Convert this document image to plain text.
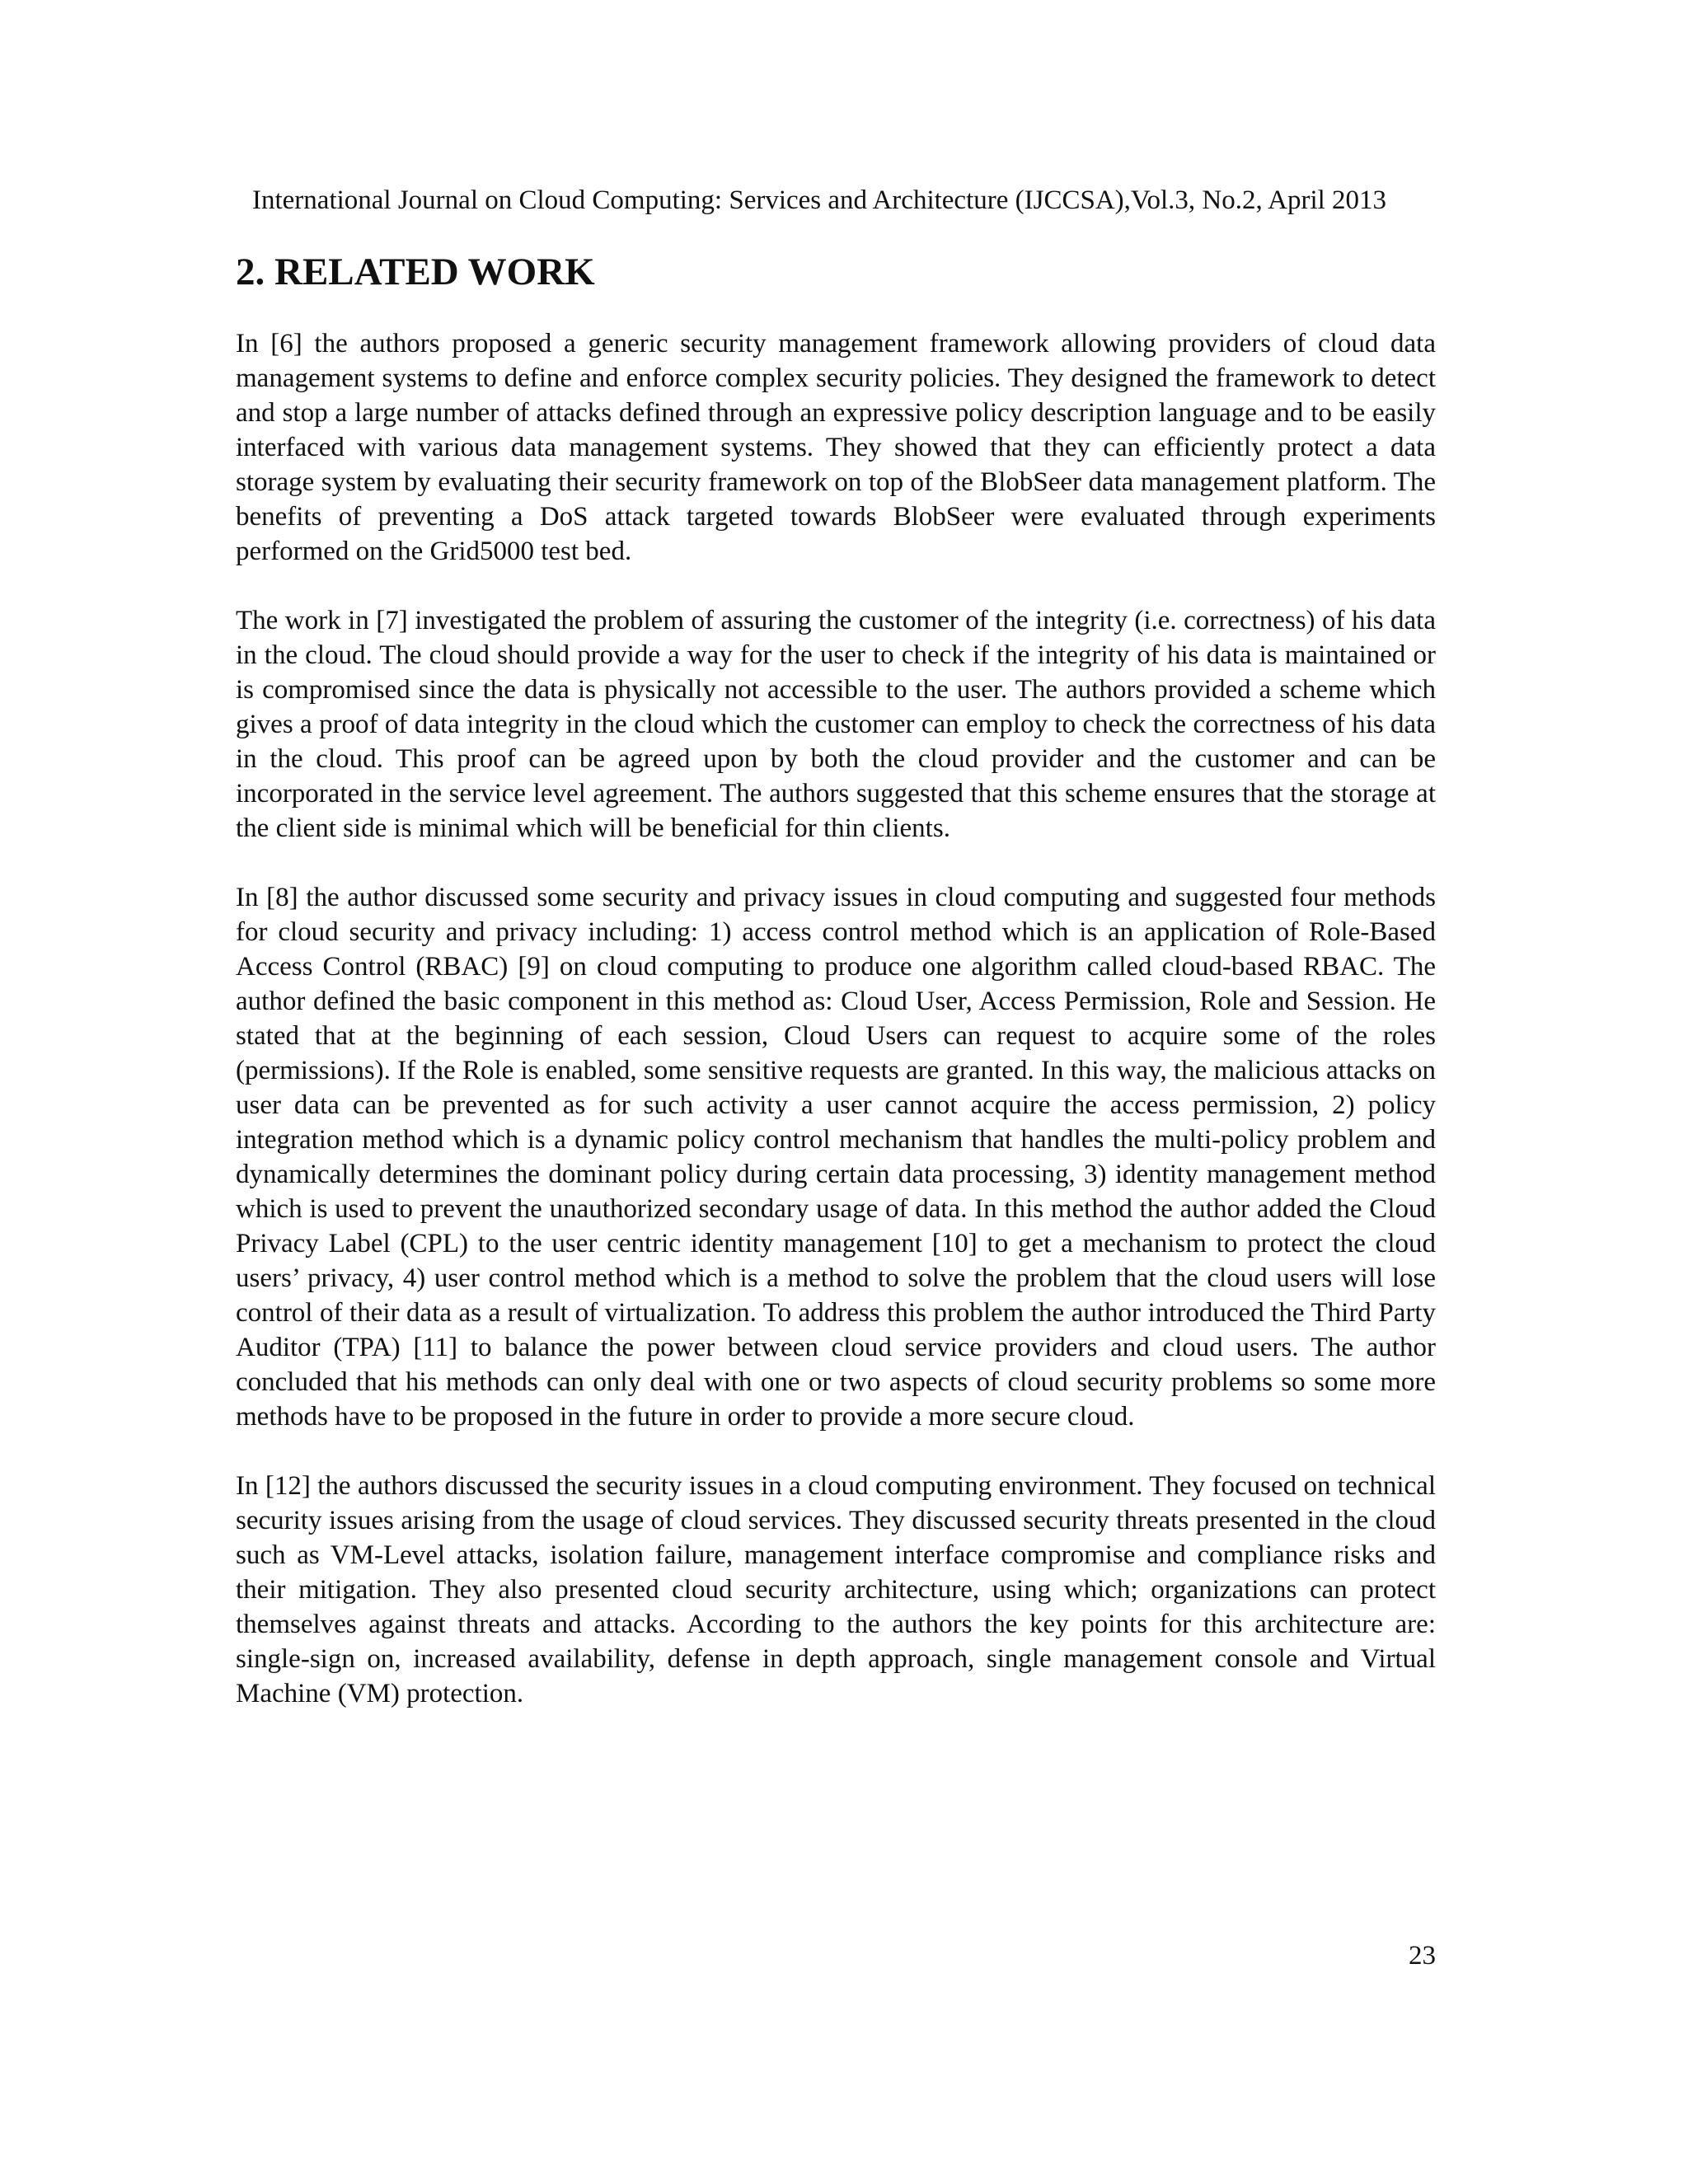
International Journal on Cloud Computing: Services and Architecture (IJCCSA),Vol.3, No.2, April 2013
2. RELATED WORK

In [6] the authors proposed a generic security management framework allowing providers of cloud data management systems to define and enforce complex security policies. They designed the framework to detect and stop a large number of attacks defined through an expressive policy description language and to be easily interfaced with various data management systems. They showed that they can efficiently protect a data storage system by evaluating their security framework on top of the BlobSeer data management platform. The benefits of preventing a DoS attack targeted towards BlobSeer were evaluated through experiments performed on the Grid5000 test bed.

The work in [7] investigated the problem of assuring the customer of the integrity (i.e. correctness) of his data in the cloud. The cloud should provide a way for the user to check if the integrity of his data is maintained or is compromised since the data is physically not accessible to the user. The authors provided a scheme which gives a proof of data integrity in the cloud which the customer can employ to check the correctness of his data in the cloud. This proof can be agreed upon by both the cloud provider and the customer and can be incorporated in the service level agreement. The authors suggested that this scheme ensures that the storage at the client side is minimal which will be beneficial for thin clients.

In [8] the author discussed some security and privacy issues in cloud computing and suggested four methods for cloud security and privacy including: 1) access control method which is an application of Role-Based Access Control (RBAC) [9] on cloud computing to produce one algorithm called cloud-based RBAC. The author defined the basic component in this method as: Cloud User, Access Permission, Role and Session. He stated that at the beginning of each session, Cloud Users can request to acquire some of the roles (permissions). If the Role is enabled, some sensitive requests are granted. In this way, the malicious attacks on user data can be prevented as for such activity a user cannot acquire the access permission, 2) policy integration method which is a dynamic policy control mechanism that handles the multi-policy problem and dynamically determines the dominant policy during certain data processing, 3) identity management method which is used to prevent the unauthorized secondary usage of data. In this method the author added the Cloud Privacy Label (CPL) to the user centric identity management [10] to get a mechanism to protect the cloud users’ privacy, 4) user control method which is a method to solve the problem that the cloud users will lose control of their data as a result of virtualization. To address this problem the author introduced the Third Party Auditor (TPA) [11] to balance the power between cloud service providers and cloud users. The author concluded that his methods can only deal with one or two aspects of cloud security problems so some more methods have to be proposed in the future in order to provide a more secure cloud.

In [12] the authors discussed the security issues in a cloud computing environment. They focused on technical security issues arising from the usage of cloud services. They discussed security threats presented in the cloud such as VM-Level attacks, isolation failure, management interface compromise and compliance risks and their mitigation. They also presented cloud security architecture, using which; organizations can protect themselves against threats and attacks. According to the authors the key points for this architecture are: single-sign on, increased availability, defense in depth approach, single management console and Virtual Machine (VM) protection.

23
